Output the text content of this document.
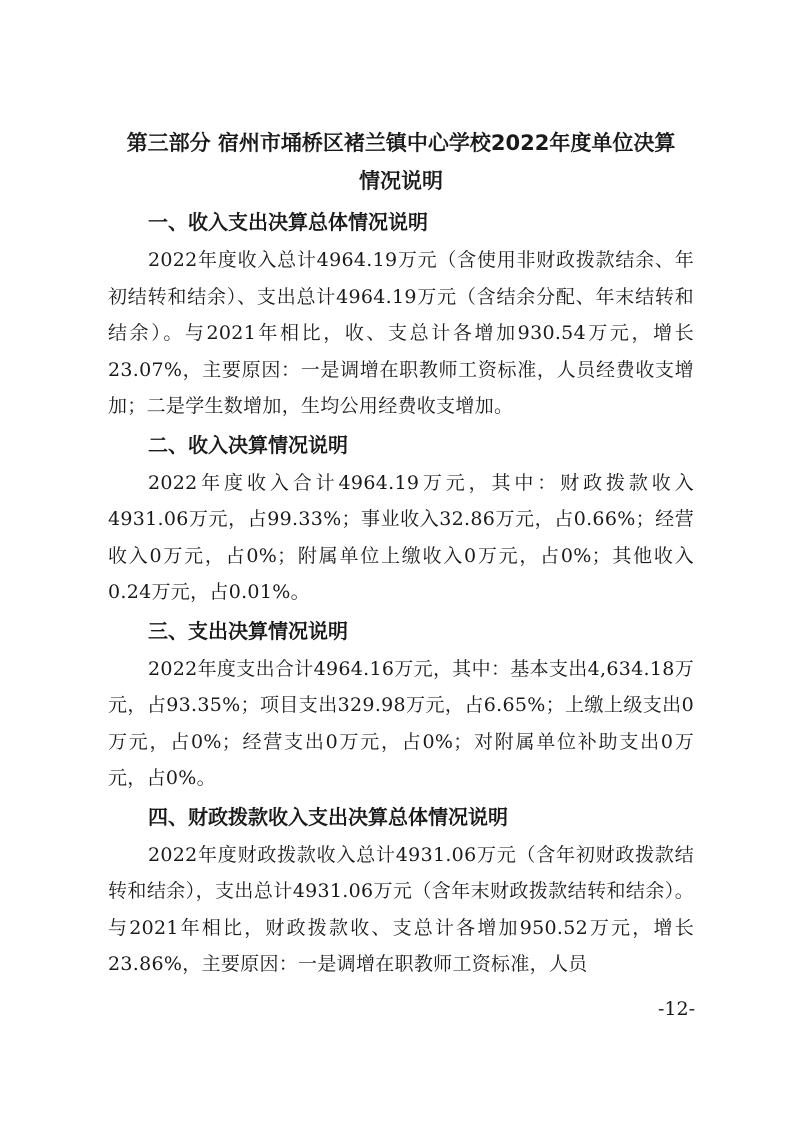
第三部分 宿州市埇桥区褚兰镇中心学校2022年度单位决算
情况说明
一、收入支出决算总体情况说明

2022年度收入总计4964.19万元（含使用非财政拨款结余、年初结转和结余）、支出总计4964.19万元（含结余分配、年末结转和结余）。与2021年相比，收、支总计各增加930.54万元，增长23.07%，主要原因：一是调增在职教师工资标准，人员经费收支增加；二是学生数增加，生均公用经费收支增加。

二、收入决算情况说明

2022年度收入合计4964.19万元，其中：财政拨款收入4931.06万元，占99.33%；事业收入32.86万元，占0.66%；经营收入0万元，占0%；附属单位上缴收入0万元，占0%；其他收入0.24万元，占0.01%。

三、支出决算情况说明

2022年度支出合计4964.16万元，其中：基本支出4,634.18万元，占93.35%；项目支出329.98万元，占6.65%；上缴上级支出0万元，占0%；经营支出0万元，占0%；对附属单位补助支出0万元，占0%。

四、财政拨款收入支出决算总体情况说明

2022年度财政拨款收入总计4931.06万元（含年初财政拨款结转和结余），支出总计4931.06万元（含年末财政拨款结转和结余）。与2021年相比，财政拨款收、支总计各增加950.52万元，增长23.86%，主要原因：一是调增在职教师工资标准，人员

-12-
